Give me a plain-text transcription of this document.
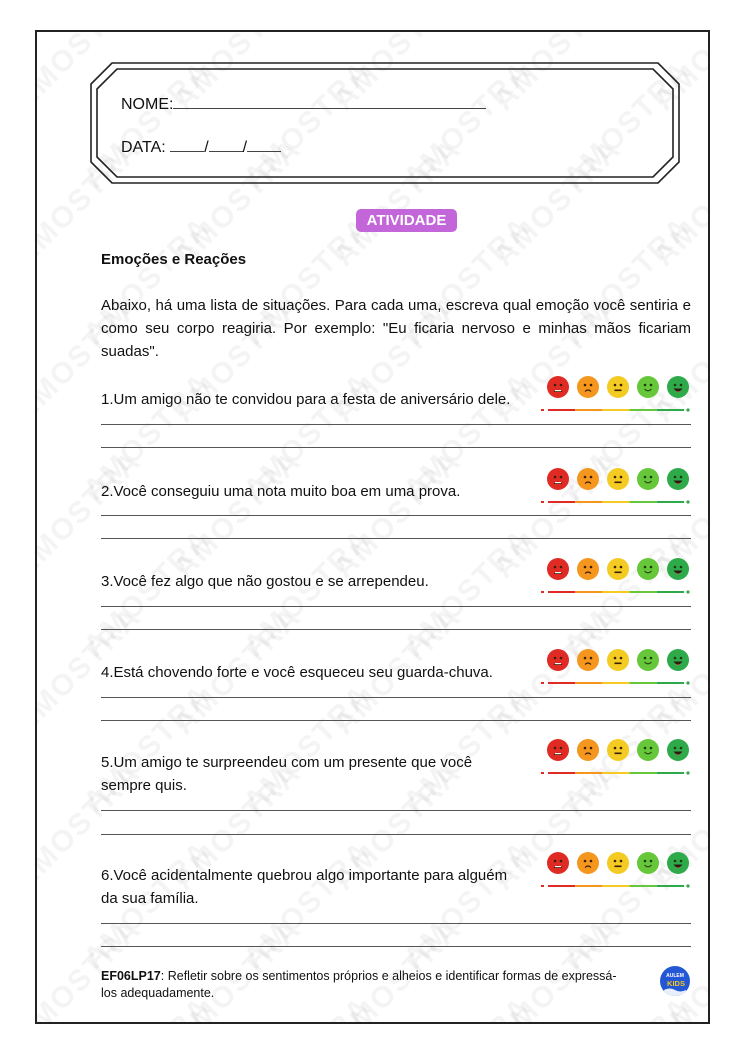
NOME:
DATA: / /
ATIVIDADE
Emoções e Reações
Abaixo, há uma lista de situações. Para cada uma, escreva qual emoção você sentiria e como seu corpo reagiria. Por exemplo: "Eu ficaria nervoso e minhas mãos ficariam suadas".
1.Um amigo não te convidou para a festa de aniversário dele.
2.Você conseguiu uma nota muito boa em uma prova.
3.Você fez algo que não gostou e se arrependeu.
4.Está chovendo forte e você esqueceu seu guarda-chuva.
5.Um amigo te surpreendeu com um presente que você sempre quis.
6.Você acidentalmente quebrou algo importante para alguém da sua família.
EF06LP17: Refletir sobre os sentimentos próprios e alheios e identificar formas de expressá-los adequadamente.
AULEM
KIDS
